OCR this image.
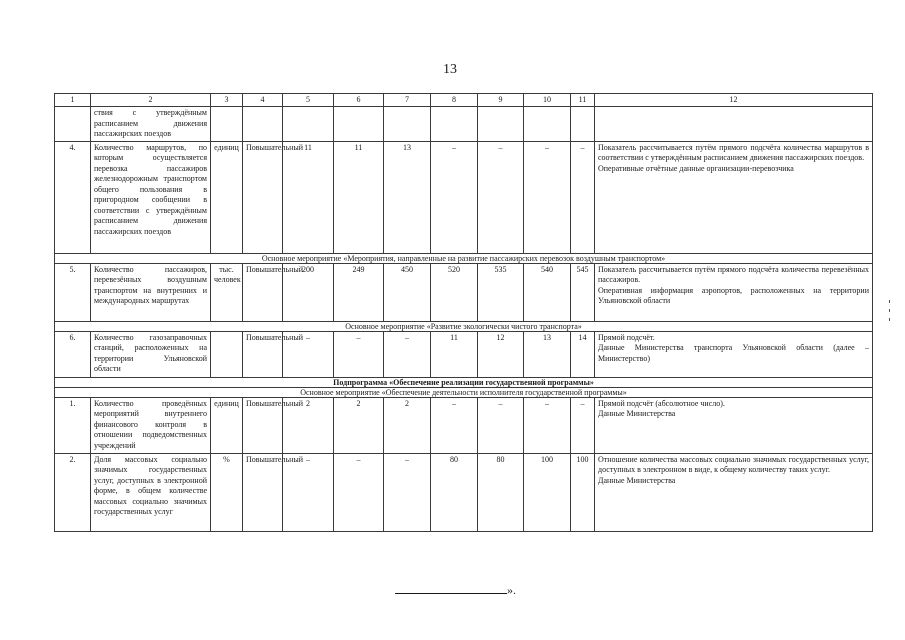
13
1	2	3	4	5	6	7	8	9	10	11	12
	ствия с утверждённым расписанием движения пассажирских поездов										
4.	Количество маршрутов, по которым осуществляется перевозка пассажиров железнодорожным транспортом общего пользования в пригородном сообщении в соответствии с утверждённым расписанием движения пассажирских поездов	единиц	Повышательный	11	11	13	–	–	–	–	Показатель рассчитывается путём прямого подсчёта количества маршрутов в соответствии с утверждённым расписанием движения пассажирских поездов.
Оперативные отчётные данные организации-перевозчика

Основное мероприятие «Мероприятия, направленные на развитие пассажирских перевозок воздушным транспортом»											
5.	Количество пассажиров, перевезённых воздушным транспортом на внутренних и международных маршрутах	тыс. человек	Повышательный	200	249	450	520	535	540	545	Показатель рассчитывается путём прямого подсчёта количества перевезённых пассажиров.
Оперативная информация аэропортов, расположенных на территории Ульяновской области

Основное мероприятие «Развитие экологически чистого транспорта»											
6.	Количество газозаправочных станций, расположенных на территории Ульяновской области		Повышательный	–	–	–	11	12	13	14	Прямой подсчёт.
Данные Министерства транспорта Ульяновской области (далее – Министерство)

Подпрограмма «Обеспечение реализации государственной программы»											
Основное мероприятие «Обеспечение деятельности исполнителя государственной программы»											
1.	Количество проведённых мероприятий внутреннего финансового контроля в отношении подведомственных учреждений	единиц	Повышательный	2	2	2	–	–	–	–	Прямой подсчёт (абсолютное число).
Данные Министерства

2.	Доля массовых социально значимых государственных услуг, доступных в электронной форме, в общем количестве массовых социально значимых государственных услуг	%	Повышательный	–	–	–	80	80	100	100	Отношение количества массовых социально значимых государственных услуг, доступных в электронном в виде, к общему количеству таких услуг.
Данные Министерства
».
